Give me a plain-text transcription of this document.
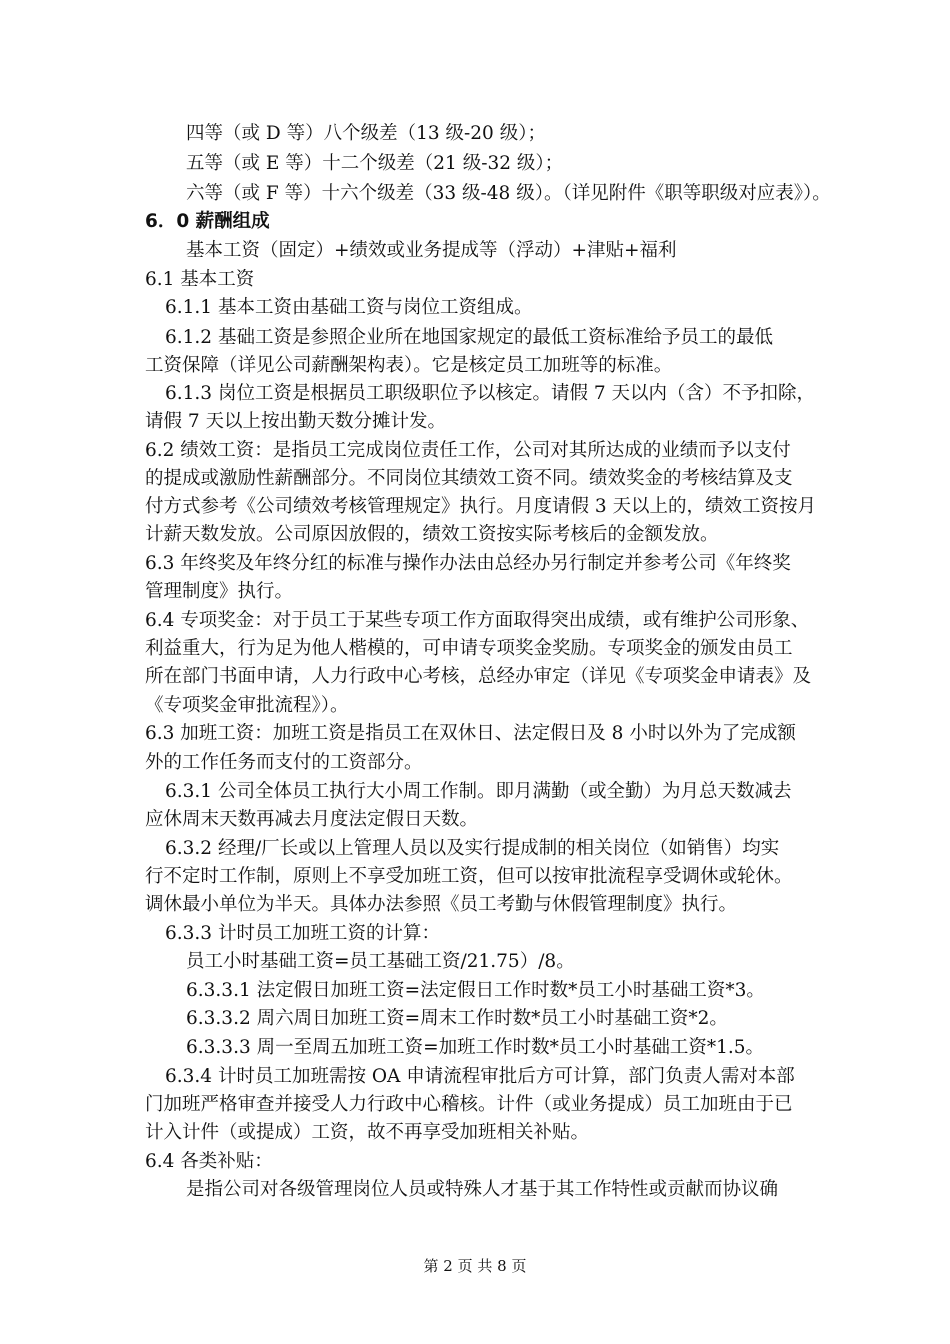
四等（或 D 等）八个级差（13 级-20 级）；
五等（或 E 等）十二个级差（21 级-32 级）；
六等（或 F 等）十六个级差（33 级-48 级）。（详见附件《职等职级对应表》）。
6．0 薪酬组成
基本工资（固定）+绩效或业务提成等（浮动）+津贴+福利
6.1 基本工资
6.1.1 基本工资由基础工资与岗位工资组成。
6.1.2 基础工资是参照企业所在地国家规定的最低工资标准给予员工的最低
工资保障（详见公司薪酬架构表）。它是核定员工加班等的标准。
6.1.3 岗位工资是根据员工职级职位予以核定。请假 7 天以内（含）不予扣除，
请假 7 天以上按出勤天数分摊计发。
6.2 绩效工资：是指员工完成岗位责任工作，公司对其所达成的业绩而予以支付
的提成或激励性薪酬部分。不同岗位其绩效工资不同。绩效奖金的考核结算及支
付方式参考《公司绩效考核管理规定》执行。月度请假 3 天以上的，绩效工资按月
计薪天数发放。公司原因放假的，绩效工资按实际考核后的金额发放。
6.3 年终奖及年终分红的标准与操作办法由总经办另行制定并参考公司《年终奖
管理制度》执行。
6.4 专项奖金：对于员工于某些专项工作方面取得突出成绩，或有维护公司形象、
利益重大，行为足为他人楷模的，可申请专项奖金奖励。专项奖金的颁发由员工
所在部门书面申请，人力行政中心考核，总经办审定（详见《专项奖金申请表》及
《专项奖金审批流程》）。
6.3 加班工资：加班工资是指员工在双休日、法定假日及 8 小时以外为了完成额
外的工作任务而支付的工资部分。
6.3.1 公司全体员工执行大小周工作制。即月满勤（或全勤）为月总天数减去
应休周末天数再减去月度法定假日天数。
6.3.2 经理/厂长或以上管理人员以及实行提成制的相关岗位（如销售）均实
行不定时工作制，原则上不享受加班工资，但可以按审批流程享受调休或轮休。
调休最小单位为半天。具体办法参照《员工考勤与休假管理制度》执行。
6.3.3 计时员工加班工资的计算：
员工小时基础工资=员工基础工资/21.75）/8。
6.3.3.1 法定假日加班工资=法定假日工作时数*员工小时基础工资*3。
6.3.3.2 周六周日加班工资=周末工作时数*员工小时基础工资*2。
6.3.3.3 周一至周五加班工资=加班工作时数*员工小时基础工资*1.5。
6.3.4 计时员工加班需按 OA 申请流程审批后方可计算，部门负责人需对本部
门加班严格审查并接受人力行政中心稽核。计件（或业务提成）员工加班由于已
计入计件（或提成）工资，故不再享受加班相关补贴。
6.4 各类补贴：
是指公司对各级管理岗位人员或特殊人才基于其工作特性或贡献而协议确
第 2 页 共 8 页
